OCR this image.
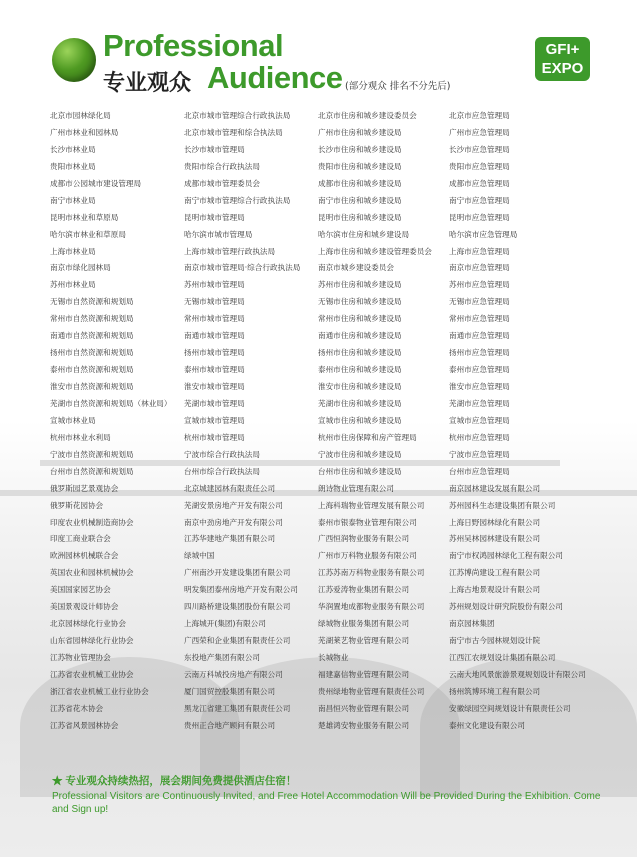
Professional
专业观众 Audience (部分观众 排名不分先后)
GFI+
EXPO
北京市园林绿化局	北京市城市管理综合行政执法局	北京市住房和城乡建设委员会	北京市应急管理局
广州市林业和园林局	北京市城市管理和综合执法局	广州市住房和城乡建设局	广州市应急管理局
长沙市林业局	长沙市城市管理局	长沙市住房和城乡建设局	长沙市应急管理局
贵阳市林业局	贵阳市综合行政执法局	贵阳市住房和城乡建设局	贵阳市应急管理局
成都市公园城市建设管理局	成都市城市管理委员会	成都市住房和城乡建设局	成都市应急管理局
南宁市林业局	南宁市城市管理综合行政执法局	南宁市住房和城乡建设局	南宁市应急管理局
昆明市林业和草原局	昆明市城市管理局	昆明市住房和城乡建设局	昆明市应急管理局
哈尔滨市林业和草原局	哈尔滨市城市管理局	哈尔滨市住房和城乡建设局	哈尔滨市应急管理局
上海市林业局	上海市城市管理行政执法局	上海市住房和城乡建设管理委员会	上海市应急管理局
南京市绿化园林局	南京市城市管理局·综合行政执法局	南京市城乡建设委员会	南京市应急管理局
苏州市林业局	苏州市城市管理局	苏州市住房和城乡建设局	苏州市应急管理局
无锡市自然资源和规划局	无锡市城市管理局	无锡市住房和城乡建设局	无锡市应急管理局
常州市自然资源和规划局	常州市城市管理局	常州市住房和城乡建设局	常州市应急管理局
南通市自然资源和规划局	南通市城市管理局	南通市住房和城乡建设局	南通市应急管理局
扬州市自然资源和规划局	扬州市城市管理局	扬州市住房和城乡建设局	扬州市应急管理局
泰州市自然资源和规划局	泰州市城市管理局	泰州市住房和城乡建设局	泰州市应急管理局
淮安市自然资源和规划局	淮安市城市管理局	淮安市住房和城乡建设局	淮安市应急管理局
芜湖市自然资源和规划局（林业局）	芜湖市城市管理局	芜湖市住房和城乡建设局	芜湖市应急管理局
宣城市林业局	宣城市城市管理局	宣城市住房和城乡建设局	宣城市应急管理局
杭州市林业水利局	杭州市城市管理局	杭州市住房保障和房产管理局	杭州市应急管理局
宁波市自然资源和规划局	宁波市综合行政执法局	宁波市住房和城乡建设局	宁波市应急管理局
台州市自然资源和规划局	台州市综合行政执法局	台州市住房和城乡建设局	台州市应急管理局
俄罗斯园艺景观协会	北京城建园林有限责任公司	朗诗物业管理有限公司	南京园林建设发展有限公司
俄罗斯花园协会	芜湖安景房地产开发有限公司	上海科瑞物业管理发展有限公司	苏州园科生态建设集团有限公司
印度农业机械制造商协会	南京中劲房地产开发有限公司	泰州市银泰物业管理有限公司	上海日野园林绿化有限公司
印度工商业联合会	江苏华建地产集团有限公司	广西恒润物业服务有限公司	苏州吴林园林建设有限公司
欧洲园林机械联合会	绿城中国	广州市万科物业服务有限公司	南宁市权鸿园林绿化工程有限公司
英国农业和园林机械协会	广州南沙开发建设集团有限公司	江苏苏南万科物业服务有限公司	江苏博尚建设工程有限公司
美国国家园艺协会	明发集团泰州房地产开发有限公司	江苏爱涛物业集团有限公司	上海古地景观设计有限公司
美国景观设计师协会	四川路桥建设集团股份有限公司	华润置地成都物业服务有限公司	苏州规划设计研究院股份有限公司
北京园林绿化行业协会	上海城开(集团)有限公司	绿城物业服务集团有限公司	南京园林集团
山东省园林绿化行业协会	广西荣和企业集团有限责任公司	芜湖莱艺物业管理有限公司	南宁市古今园林规划设计院
江苏物业管理协会	东投地产集团有限公司	长城物业	江西江农规划设计集团有限公司
江苏省农业机械工业协会	云南万科城投房地产有限公司	福建嘉信物业管理有限公司	云南大地风景旅游景观规划设计有限公司
浙江省农业机械工业行业协会	厦门国贸控股集团有限公司	贵州绿地物业管理有限责任公司	扬州筑博环境工程有限公司
江苏省花木协会	黑龙江省建工集团有限责任公司	南昌恒兴物业管理有限公司	安徽绿园空间规划设计有限责任公司
江苏省风景园林协会	贵州正合地产顾问有限公司	楚雄鸿安物业服务有限公司	泰州文化建设有限公司
★ 专业观众持续热招，展会期间免费提供酒店住宿！
Professional Visitors are Continuously Invited, and Free Hotel Accommodation Will be Provided During the Exhibition. Come and Sign up!
